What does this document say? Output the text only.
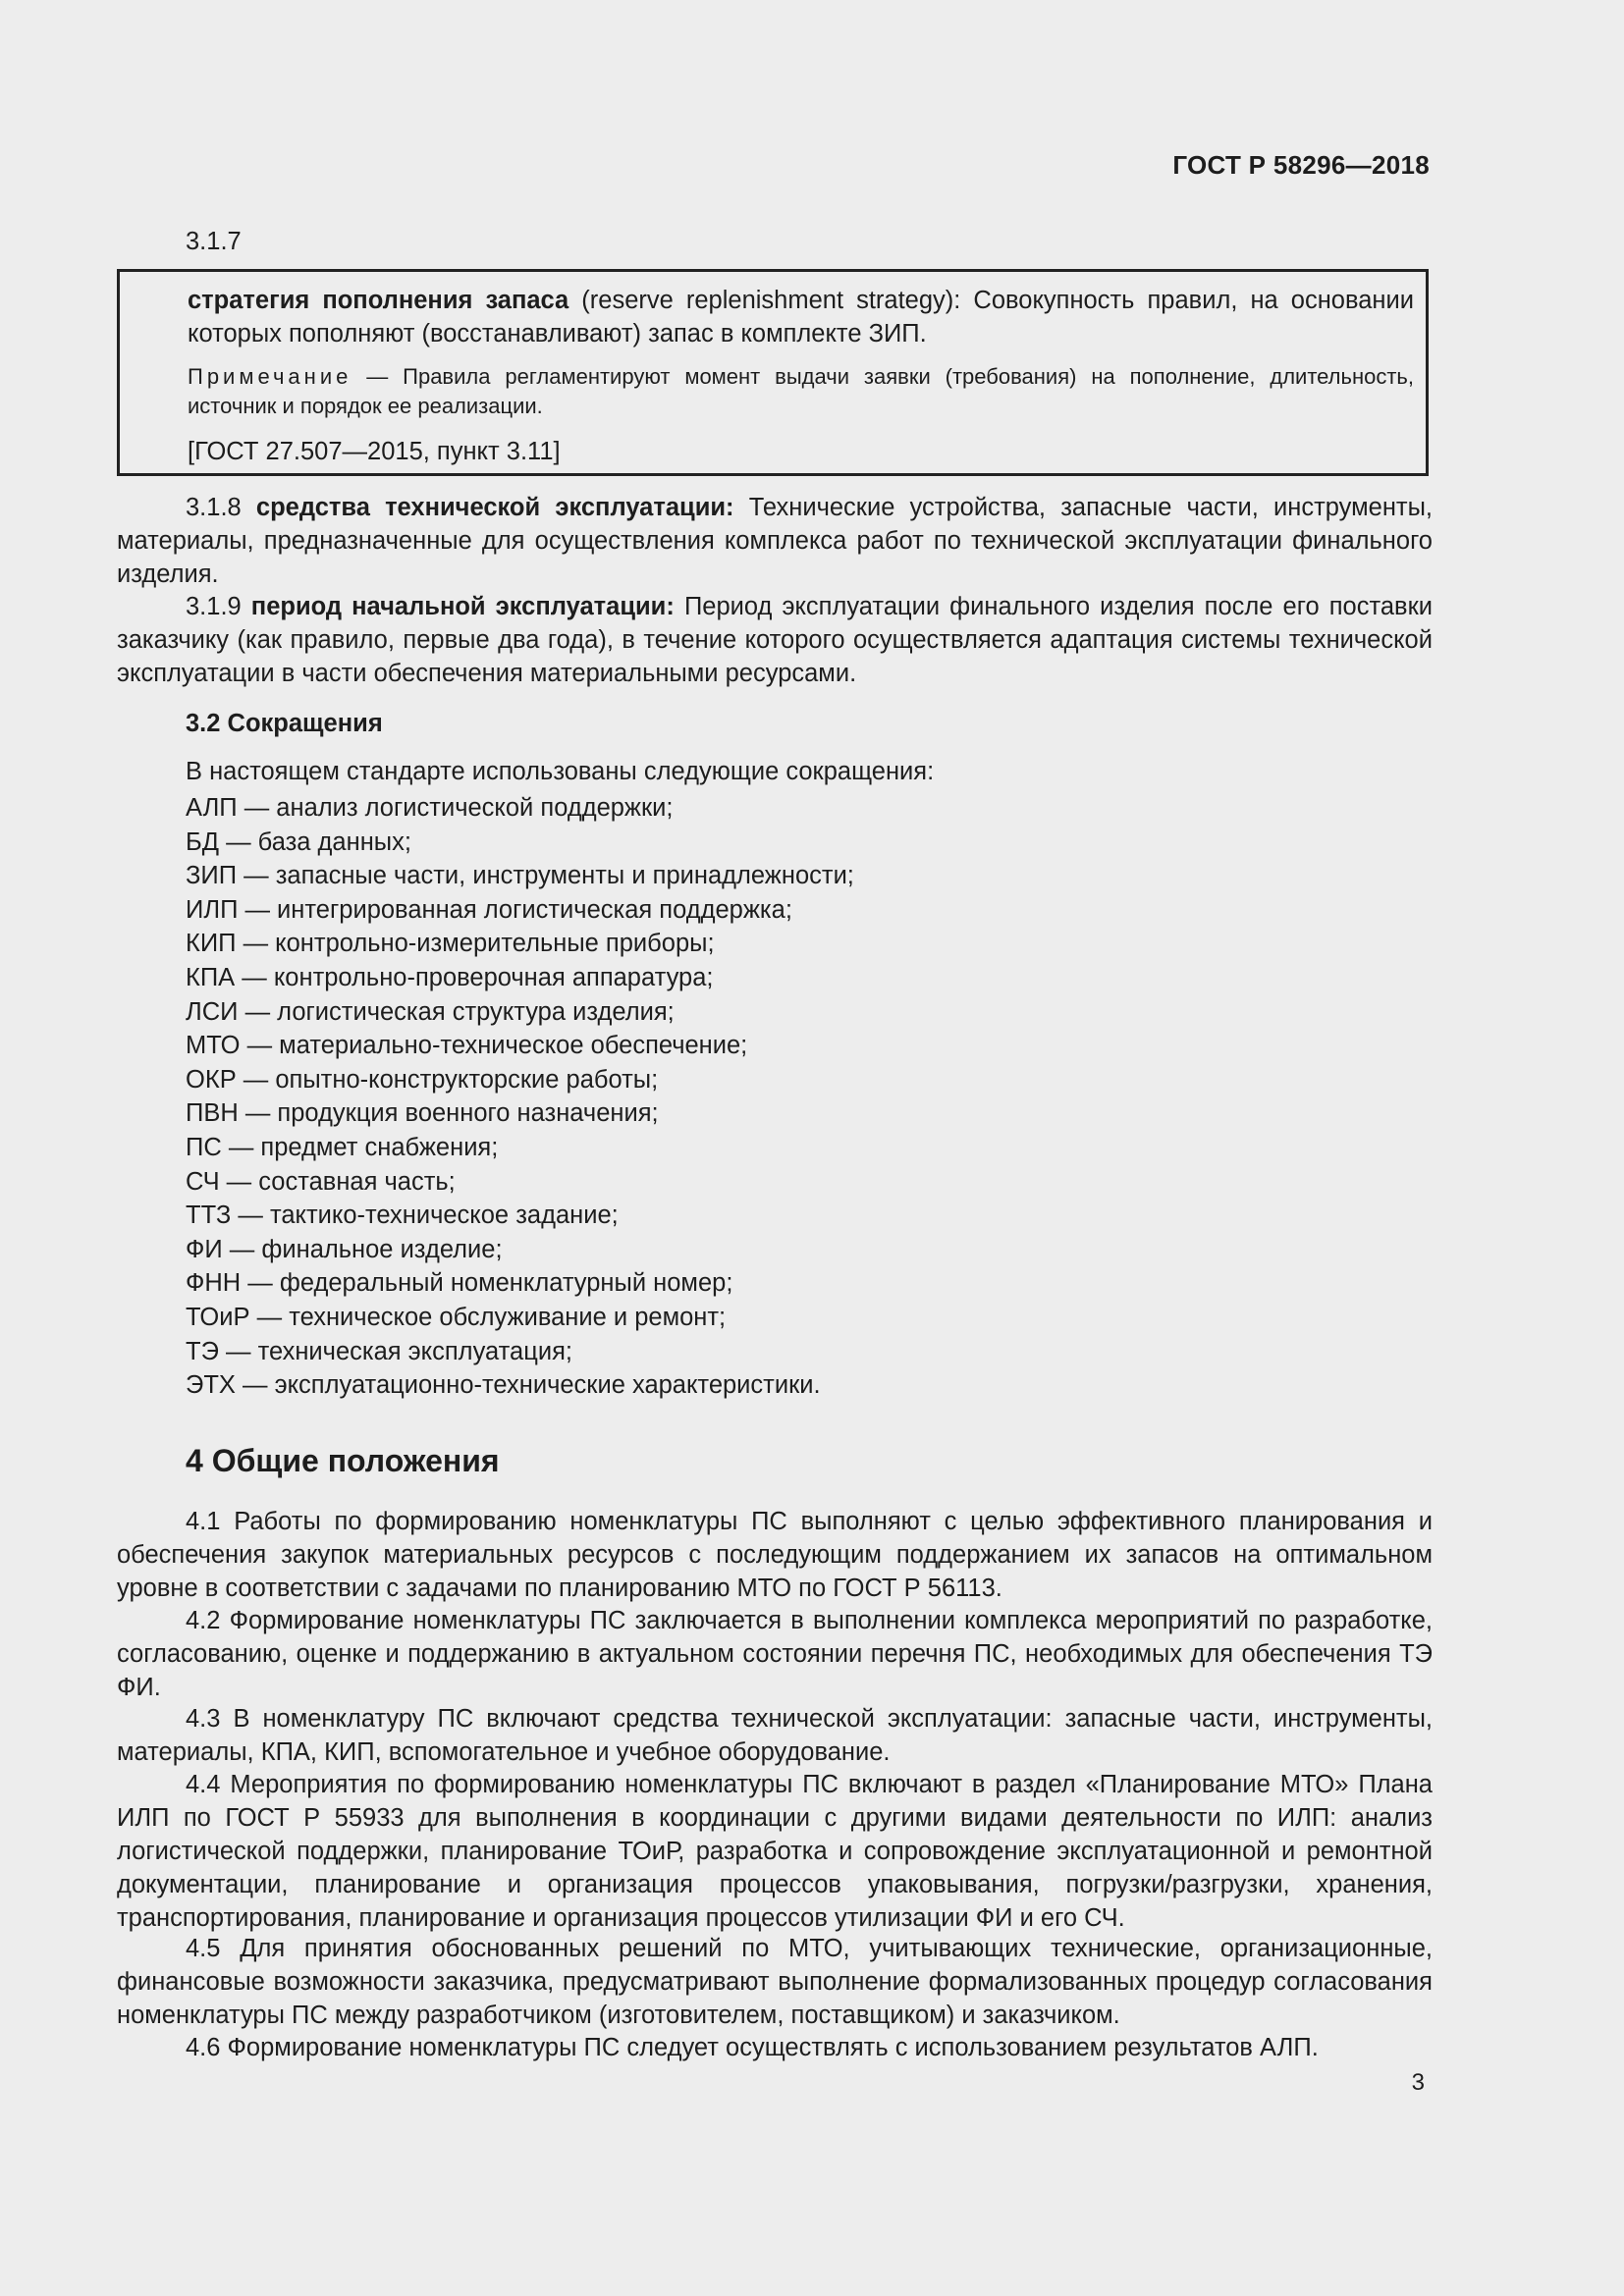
ГОСТ Р 58296—2018
3.1.7

стратегия пополнения запаса (reserve replenishment strategy): Совокупность правил, на основании которых пополняют (восстанавливают) запас в комплекте ЗИП.

Примечание — Правила регламентируют момент выдачи заявки (требования) на пополнение, длительность, источник и порядок ее реализации.

[ГОСТ 27.507—2015, пункт 3.11]

3.1.8 средства технической эксплуатации: Технические устройства, запасные части, инструменты, материалы, предназначенные для осуществления комплекса работ по технической эксплуатации финального изделия.

3.1.9 период начальной эксплуатации: Период эксплуатации финального изделия после его поставки заказчику (как правило, первые два года), в течение которого осуществляется адаптация системы технической эксплуатации в части обеспечения материальными ресурсами.

3.2 Сокращения
В настоящем стандарте использованы следующие сокращения:
АЛП — анализ логистической поддержки;
БД — база данных;
ЗИП — запасные части, инструменты и принадлежности;
ИЛП — интегрированная логистическая поддержка;
КИП — контрольно-измерительные приборы;
КПА — контрольно-проверочная аппаратура;
ЛСИ — логистическая структура изделия;
МТО — материально-техническое обеспечение;
ОКР — опытно-конструкторские работы;
ПВН — продукция военного назначения;
ПС — предмет снабжения;
СЧ — составная часть;
ТТЗ — тактико-техническое задание;
ФИ — финальное изделие;
ФНН — федеральный номенклатурный номер;
ТОиР — техническое обслуживание и ремонт;
ТЭ — техническая эксплуатация;
ЭТХ — эксплуатационно-технические характеристики.
4 Общие положения

4.1 Работы по формированию номенклатуры ПС выполняют с целью эффективного планирования и обеспечения закупок материальных ресурсов с последующим поддержанием их запасов на оптимальном уровне в соответствии с задачами по планированию МТО по ГОСТ Р 56113.

4.2 Формирование номенклатуры ПС заключается в выполнении комплекса мероприятий по разработке, согласованию, оценке и поддержанию в актуальном состоянии перечня ПС, необходимых для обеспечения ТЭ ФИ.

4.3 В номенклатуру ПС включают средства технической эксплуатации: запасные части, инструменты, материалы, КПА, КИП, вспомогательное и учебное оборудование.

4.4 Мероприятия по формированию номенклатуры ПС включают в раздел «Планирование МТО» Плана ИЛП по ГОСТ Р 55933 для выполнения в координации с другими видами деятельности по ИЛП: анализ логистической поддержки, планирование ТОиР, разработка и сопровождение эксплуатационной и ремонтной документации, планирование и организация процессов упаковывания, погрузки/разгрузки, хранения, транспортирования, планирование и организация процессов утилизации ФИ и его СЧ.

4.5 Для принятия обоснованных решений по МТО, учитывающих технические, организационные, финансовые возможности заказчика, предусматривают выполнение формализованных процедур согласования номенклатуры ПС между разработчиком (изготовителем, поставщиком) и заказчиком.

4.6 Формирование номенклатуры ПС следует осуществлять с использованием результатов АЛП.

3
